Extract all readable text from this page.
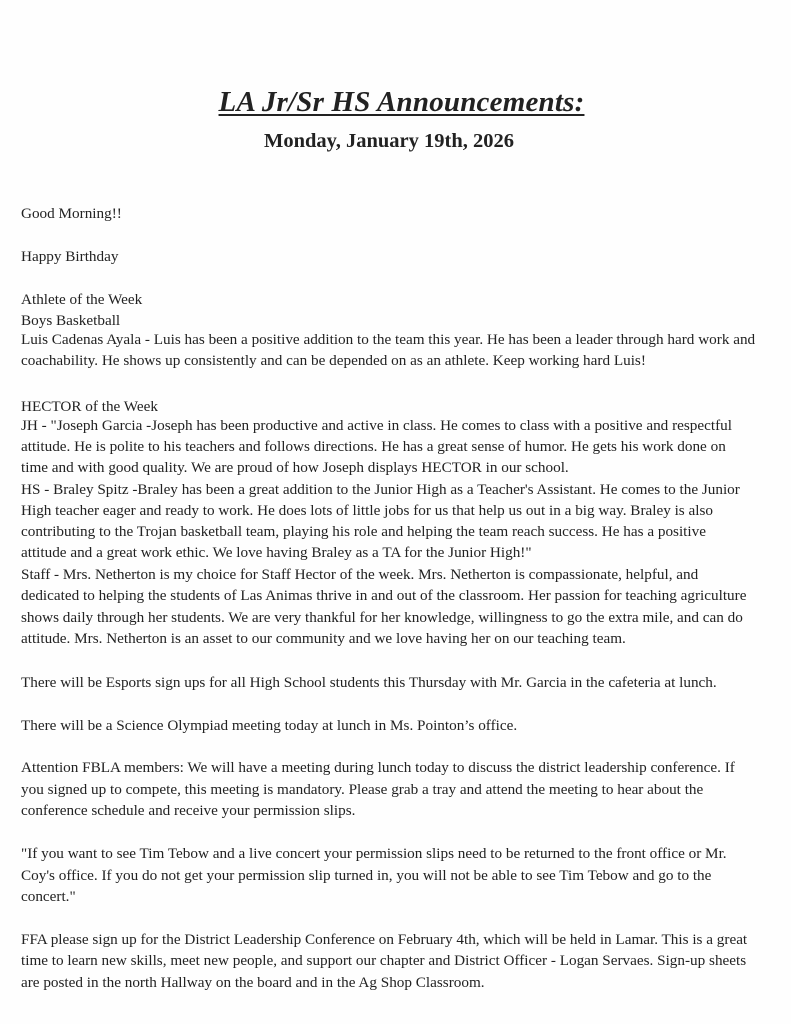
LA Jr/Sr HS Announcements:
Monday, January 19th, 2026
Good Morning!!
Happy Birthday
Athlete of the Week
Boys Basketball
Luis Cadenas Ayala - Luis has been a positive addition to the team this year. He has been a leader through hard work and
coachability. He shows up consistently and can be depended on as an athlete. Keep working hard Luis!
HECTOR of the Week
JH - "Joseph Garcia -Joseph has been productive and active in class. He comes to class with a positive and respectful
attitude. He is polite to his teachers and follows directions. He has a great sense of humor. He gets his work done on
time and with good quality. We are proud of how Joseph displays HECTOR in our school.
HS - Braley Spitz -Braley has been a great addition to the Junior High as a Teacher's Assistant. He comes to the Junior
High teacher eager and ready to work. He does lots of little jobs for us that help us out in a big way. Braley is also
contributing to the Trojan basketball team, playing his role and helping the team reach success. He has a positive
attitude and a great work ethic. We love having Braley as a TA for the Junior High!"
Staff - Mrs. Netherton is my choice for Staff Hector of the week. Mrs. Netherton is compassionate, helpful, and
dedicated to helping the students of Las Animas thrive in and out of the classroom. Her passion for teaching agriculture
shows daily through her students. We are very thankful for her knowledge, willingness to go the extra mile, and can do
attitude. Mrs. Netherton is an asset to our community and we love having her on our teaching team.
There will be Esports sign ups for all High School students this Thursday with Mr. Garcia in the cafeteria at lunch.
There will be a Science Olympiad meeting today at lunch in Ms. Pointon’s office.
Attention FBLA members: We will have a meeting during lunch today to discuss the district leadership conference. If
you signed up to compete, this meeting is mandatory. Please grab a tray and attend the meeting to hear about the
conference schedule and receive your permission slips.
"If you want to see Tim Tebow and a live concert your permission slips need to be returned to the front office or Mr.
Coy's office. If you do not get your permission slip turned in, you will not be able to see Tim Tebow and go to the
concert."
FFA please sign up for the District Leadership Conference on February 4th, which will be held in Lamar. This is a great
time to learn new skills, meet new people, and support our chapter and District Officer - Logan Servaes. Sign-up sheets
are posted in the north Hallway on the board and in the Ag Shop Classroom.
